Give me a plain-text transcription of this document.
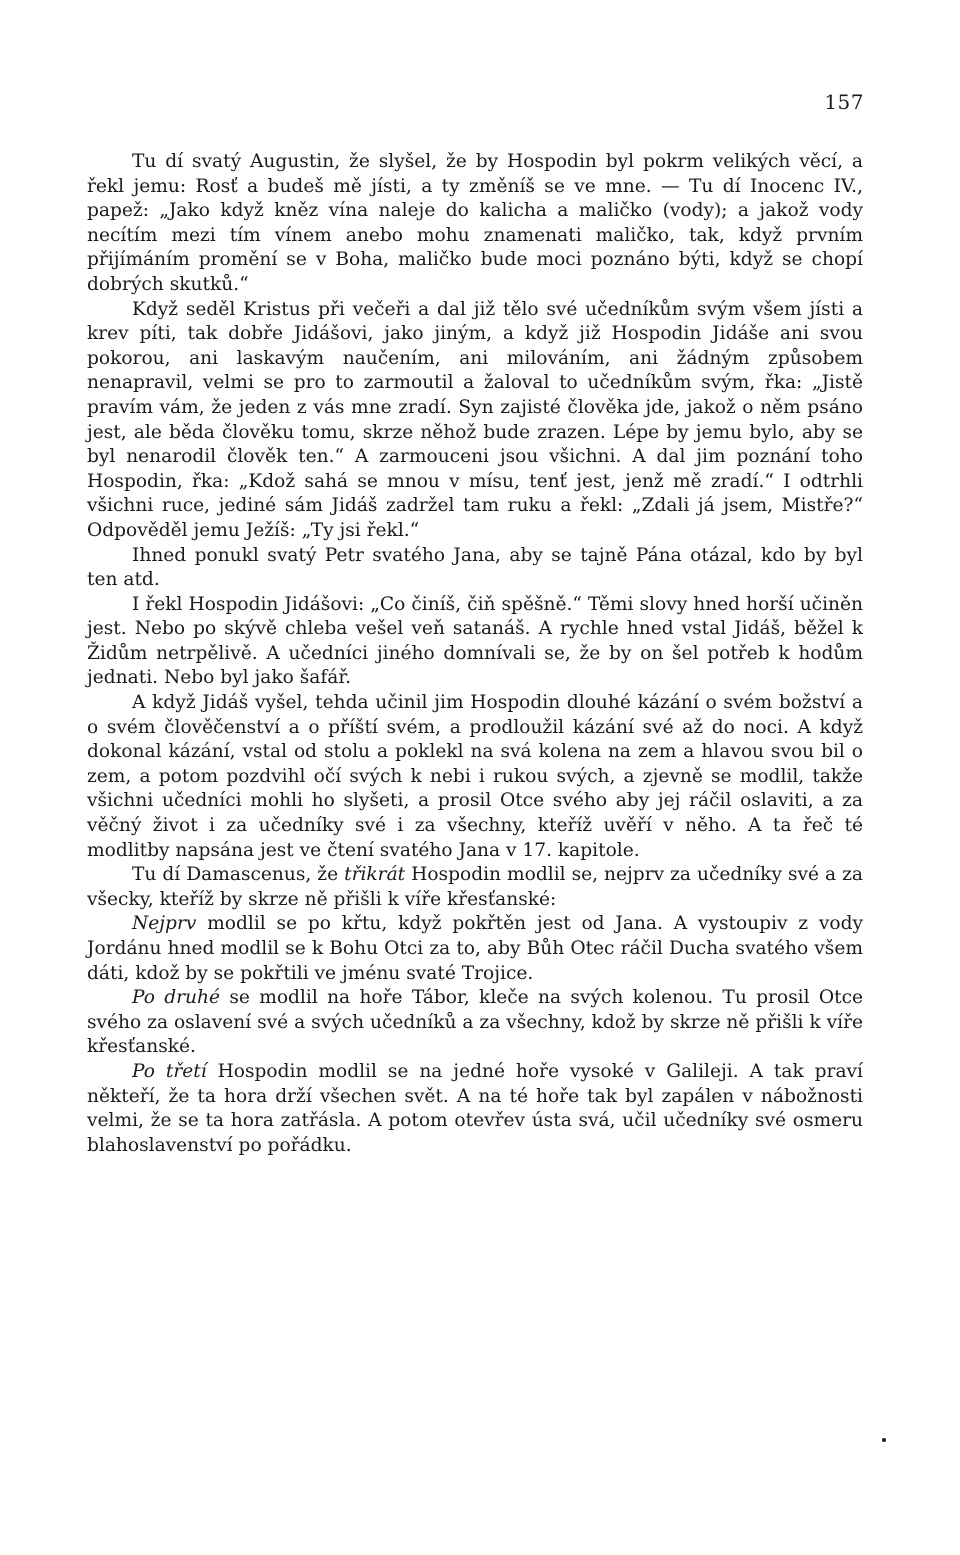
157

Tu dí svatý Augustin, že slyšel, že by Hospodin byl pokrm velikých věcí, a řekl jemu: Rosť a budeš mě jísti, a ty změníš se ve mne. — Tu dí Inocenc IV., papež: „Jako když kněz vína naleje do kalicha a maličko (vody); a jakož vody necítím mezi tím vínem anebo mohu znamenati maličko, tak, když prvním přijímáním promění se v Boha, maličko bude moci poznáno býti, když se chopí dobrých skutků.“

Když seděl Kristus při večeři a dal již tělo své učedníkům svým všem jísti a krev píti, tak dobře Jidášovi, jako jiným, a když již Hospodin Jidáše ani svou pokorou, ani laskavým naučením, ani milováním, ani žádným způsobem nenapravil, velmi se pro to zarmoutil a žaloval to učedníkům svým, řka: „Jistě pravím vám, že jeden z vás mne zradí. Syn zajisté člověka jde, jakož o něm psáno jest, ale běda člověku tomu, skrze něhož bude zrazen. Lépe by jemu bylo, aby se byl nenarodil člověk ten.“ A zarmouceni jsou všichni. A dal jim poznání toho Hospodin, řka: „Kdož sahá se mnou v mísu, tenť jest, jenž mě zradí.“ I odtrhli všichni ruce, jediné sám Jidáš zadržel tam ruku a řekl: „Zdali já jsem, Mistře?“ Odpověděl jemu Ježíš: „Ty jsi řekl.“

Ihned ponukl svatý Petr svatého Jana, aby se tajně Pána otázal, kdo by byl ten atd.

I řekl Hospodin Jidášovi: „Co činíš, čiň spěšně.“ Těmi slovy hned horší učiněn jest. Nebo po skývě chleba vešel veň satanáš. A rychle hned vstal Jidáš, běžel k Židům netrpělivě. A učedníci jiného domnívali se, že by on šel potřeb k hodům jednati. Nebo byl jako šafář.

A když Jidáš vyšel, tehda učinil jim Hospodin dlouhé kázání o svém božství a o svém člověčenství a o příští svém, a prodloužil kázání své až do noci. A když dokonal kázání, vstal od stolu a poklekl na svá kolena na zem a hlavou svou bil o zem, a potom pozdvihl očí svých k nebi i rukou svých, a zjevně se modlil, takže všichni učedníci mohli ho slyšeti, a prosil Otce svého aby jej ráčil oslaviti, a za věčný život i za učedníky své i za všechny, kteříž uvěří v něho. A ta řeč té modlitby napsána jest ve čtení svatého Jana v 17. kapitole.

Tu dí Damascenus, že třikrát Hospodin modlil se, nejprv za učedníky své a za všecky, kteříž by skrze ně přišli k víře křesťanské:

Nejprv modlil se po křtu, když pokřtěn jest od Jana. A vystoupiv z vody Jordánu hned modlil se k Bohu Otci za to, aby Bůh Otec ráčil Ducha svatého všem dáti, kdož by se pokřtili ve jménu svaté Trojice.

Po druhé se modlil na hoře Tábor, kleče na svých kolenou. Tu prosil Otce svého za oslavení své a svých učedníků a za všechny, kdož by skrze ně přišli k víře křesťanské.

Po třetí Hospodin modlil se na jedné hoře vysoké v Galileji. A tak praví někteří, že ta hora drží všechen svět. A na té hoře tak byl zapálen v nábožnosti velmi, že se ta hora zatřásla. A potom otevřev ústa svá, učil učedníky své osmeru blahoslavenství po pořádku.
